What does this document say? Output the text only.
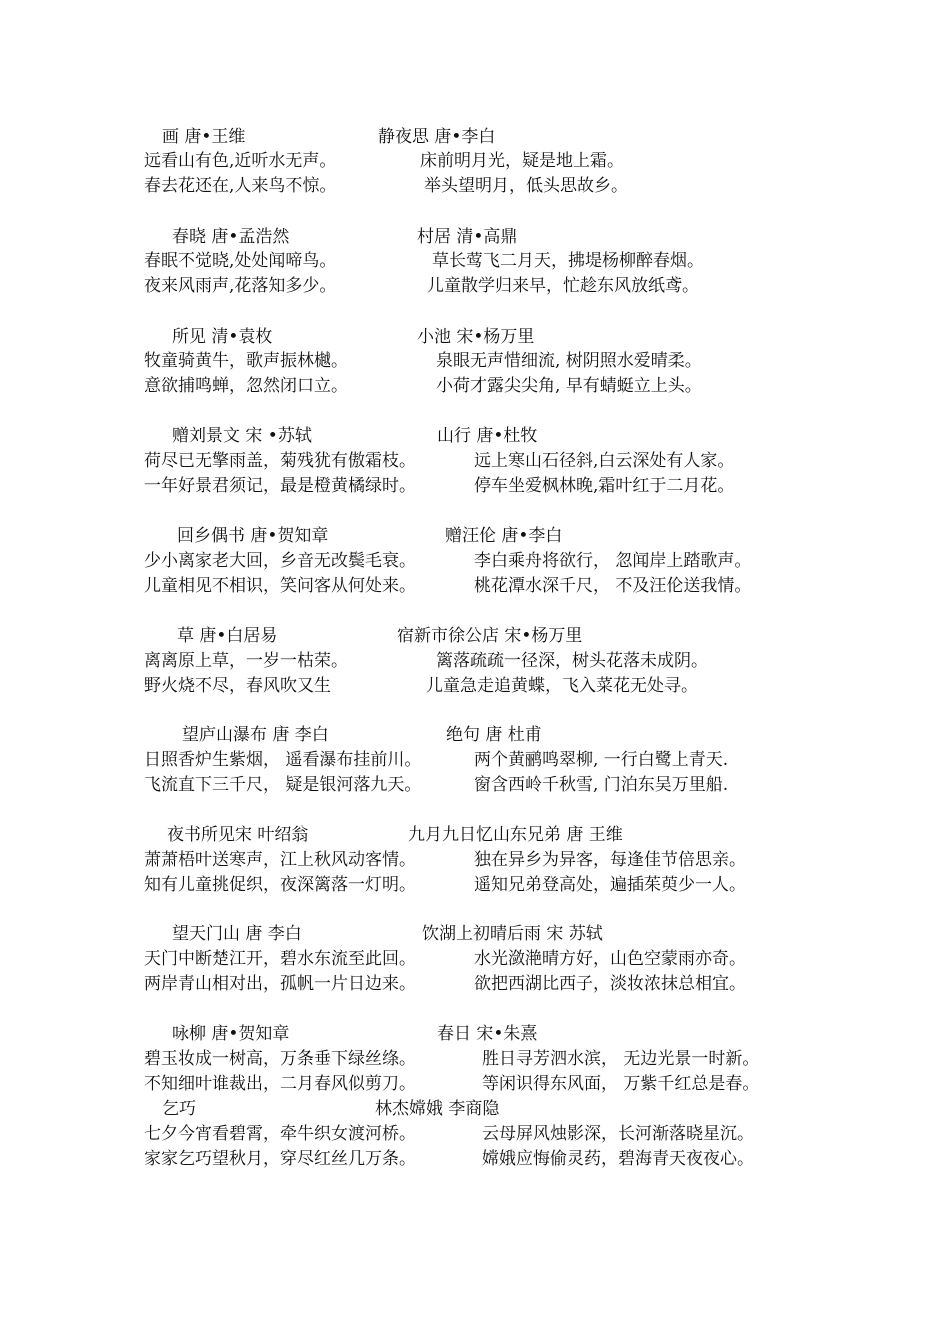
画 唐•王维	静夜思 唐•李白
远看山有色,近听水无声。	床前明月光，疑是地上霜。
春去花还在,人来鸟不惊。	举头望明月，低头思故乡。
春晓 唐•孟浩然	村居 清•高鼎
春眠不觉晓,处处闻啼鸟。	草长莺飞二月天，拂堤杨柳醉春烟。
夜来风雨声,花落知多少。	儿童散学归来早，忙趁东风放纸鸢。
所见 清•袁枚	小池 宋•杨万里
牧童骑黄牛，歌声振林樾。	泉眼无声惜细流, 树阴照水爱晴柔。
意欲捕鸣蝉，忽然闭口立。	小荷才露尖尖角, 早有蜻蜓立上头。
赠刘景文 宋 •苏轼	山行 唐•杜牧
荷尽已无擎雨盖，菊残犹有傲霜枝。	远上寒山石径斜,白云深处有人家。
一年好景君须记，最是橙黄橘绿时。	停车坐爱枫林晚,霜叶红于二月花。
回乡偶书 唐•贺知章	赠汪伦 唐•李白
少小离家老大回，乡音无改鬓毛衰。	李白乘舟将欲行， 忽闻岸上踏歌声。
儿童相见不相识，笑问客从何处来。	桃花潭水深千尺， 不及汪伦送我情。
草 唐•白居易	宿新市徐公店 宋•杨万里
离离原上草，一岁一枯荣。	篱落疏疏一径深，树头花落未成阴。
野火烧不尽，春风吹又生	儿童急走追黄蝶，飞入菜花无处寻。
望庐山瀑布 唐 李白	绝句 唐 杜甫
日照香炉生紫烟， 遥看瀑布挂前川。	两个黄鹂鸣翠柳, 一行白鹭上青天.
飞流直下三千尺， 疑是银河落九天。	窗含西岭千秋雪, 门泊东吴万里船.
夜书所见宋 叶绍翁	九月九日忆山东兄弟 唐 王维
萧萧梧叶送寒声，江上秋风动客情。	独在异乡为异客，每逢佳节倍思亲。
知有儿童挑促织，夜深篱落一灯明。	遥知兄弟登高处，遍插茱萸少一人。
望天门山 唐 李白	饮湖上初晴后雨 宋 苏轼
天门中断楚江开，碧水东流至此回。	水光潋滟晴方好，山色空蒙雨亦奇。
两岸青山相对出，孤帆一片日边来。	欲把西湖比西子，淡妆浓抹总相宜。
咏柳 唐•贺知章	春日 宋•朱熹
碧玉妆成一树高，万条垂下绿丝绦。	胜日寻芳泗水滨， 无边光景一时新。
不知细叶谁裁出，二月春风似剪刀。	等闲识得东风面， 万紫千红总是春。
乞巧	林杰嫦娥 李商隐
七夕今宵看碧霄，牵牛织女渡河桥。	云母屏风烛影深，长河渐落晓星沉。
家家乞巧望秋月，穿尽红丝几万条。	嫦娥应悔偷灵药，碧海青天夜夜心。
